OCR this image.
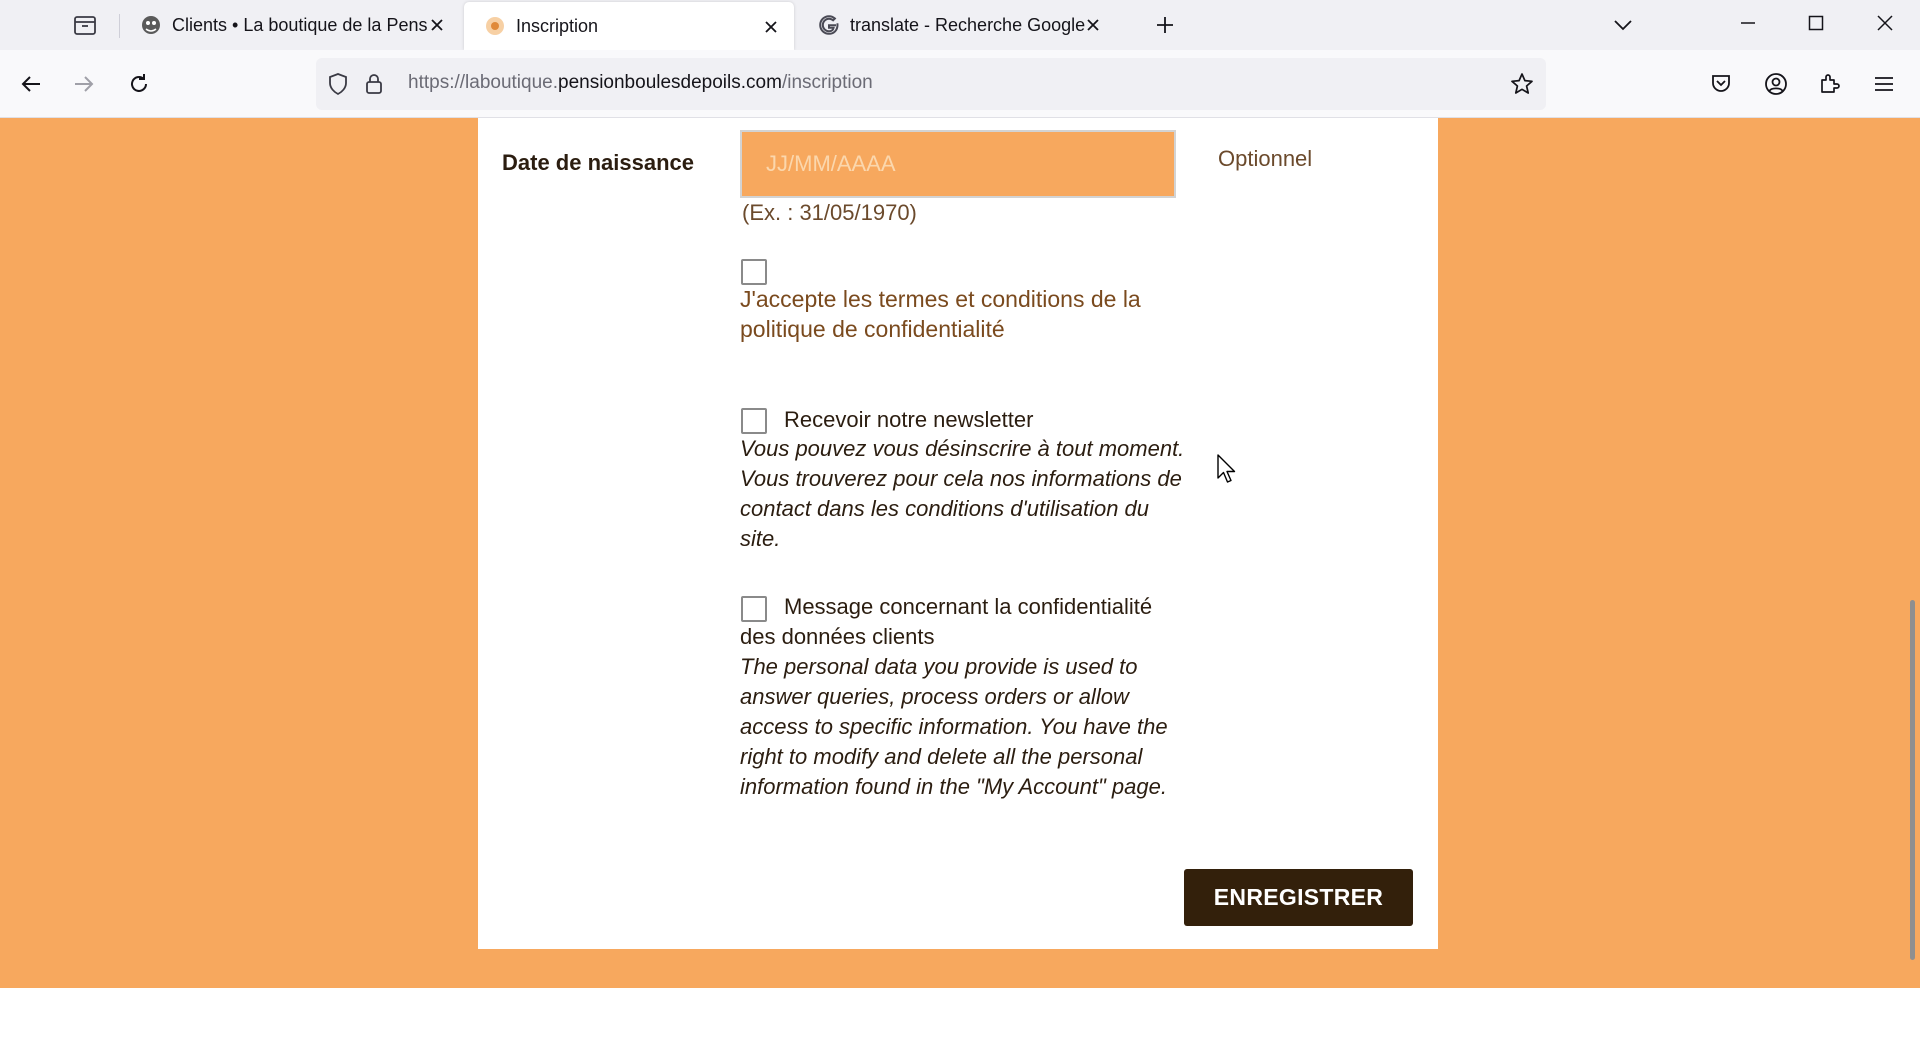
Clients • La boutique de la Pens	Inscription	translate - Recherche Google
https://laboutique.pensionboulesdepoils.com/inscription
Date de naissance
JJ/MM/AAAA	Optionnel
(Ex. : 31/05/1970)
J'accepte les termes et conditions de la politique de confidentialité
Recevoir notre newsletter
Vous pouvez vous désinscrire à tout moment. Vous trouverez pour cela nos informations de contact dans les conditions d'utilisation du site.
Message concernant la confidentialité des données clients
The personal data you provide is used to answer queries, process orders or allow access to specific information. You have the right to modify and delete all the personal information found in the "My Account" page.
ENREGISTRER
